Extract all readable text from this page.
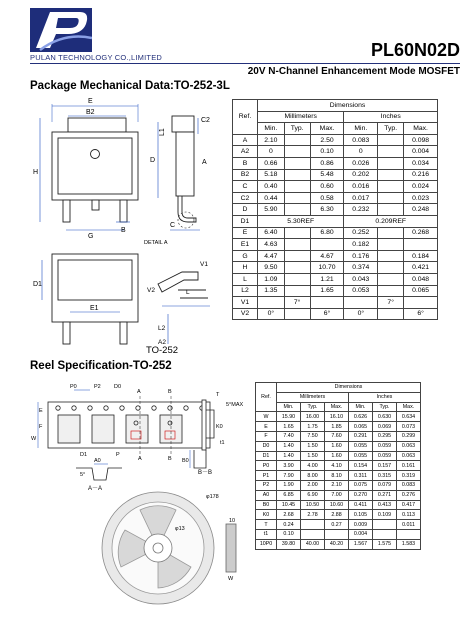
PULAN TECHNOLOGY CO.,LIMITED	PL60N02D
20V N-Channel Enhancement Mode MOSFET
Package Mechanical Data:TO-252-3L
E
B2
H
G
B
C2
L1
D	A
C
DETAIL A
D1
E1
V1
V2	L
L2
A2
TO-252
Ref.	Dimensions					
	Millimeters			Inches		
	Min.	Typ.	Max.	Min.	Typ.	Max.
A	2.10		2.50	0.083		0.098
A2	0		0.10	0		0.004
B	0.66		0.86	0.026		0.034
B2	5.18		5.48	0.202		0.216
C	0.40		0.60	0.016		0.024
C2	0.44		0.58	0.017		0.023
D	5.90		6.30	0.232		0.248
D1	5.30REF			0.209REF		
E	6.40		6.80	0.252		0.268
E1	4.63			0.182		
G	4.47		4.67	0.176		0.184
H	9.50		10.70	0.374		0.421
L	1.09		1.21	0.043		0.048
L2	1.35		1.65	0.053		0.065
V1		7°			7°	
V2	0°		6°	0°		6°
Reel Specification-TO-252
P0	P2 D0
A	B
E
F
W
D1	P
A	B
5°MAX
K0
T
t1
A0
5°
A－A
B0
B－B
φ13
φ178
10
W
Ref.	Dimensions					
	Millimeters			Inches		
	Min.	Typ.	Max.	Min.	Typ.	Max.
W	15.90	16.00	16.10	0.626	0.630	0.634
E	1.65	1.75	1.85	0.065	0.069	0.073
F	7.40	7.50	7.60	0.291	0.295	0.299
D0	1.40	1.50	1.60	0.055	0.059	0.063
D1	1.40	1.50	1.60	0.055	0.059	0.063
P0	3.90	4.00	4.10	0.154	0.157	0.161
P1	7.90	8.00	8.10	0.311	0.315	0.319
P2	1.90	2.00	2.10	0.075	0.079	0.083
A0	6.85	6.90	7.00	0.270	0.271	0.276
B0	10.45	10.50	10.60	0.411	0.413	0.417
K0	2.68	2.78	2.88	0.105	0.109	0.113
T	0.24		0.27	0.009		0.011
t1	0.10			0.004		
10P0	39.80	40.00	40.20	1.567	1.575	1.583
